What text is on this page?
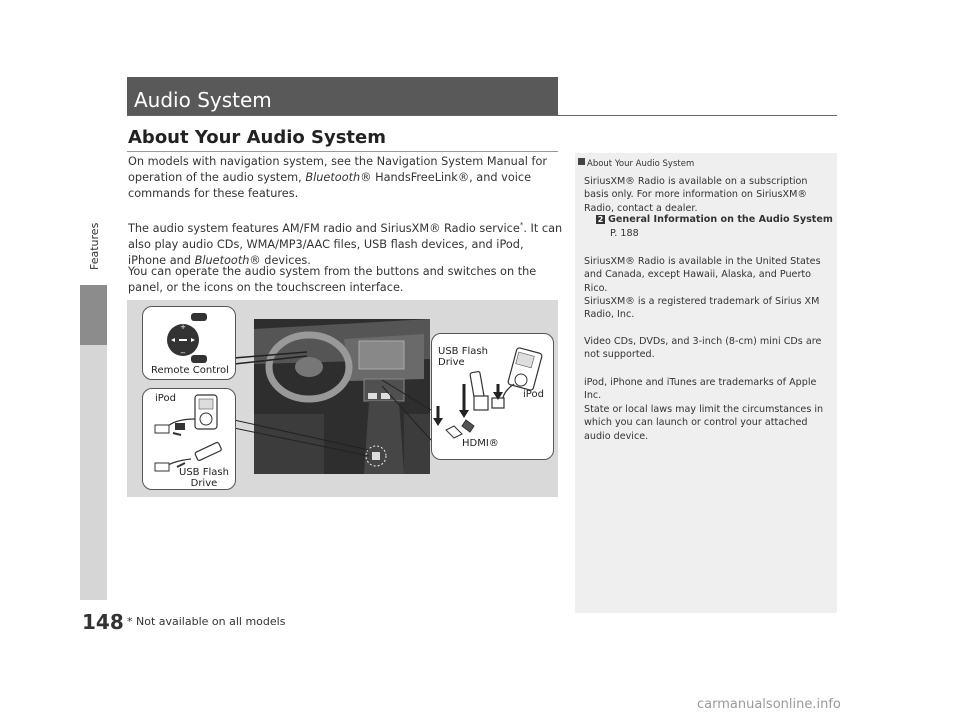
Features
148
Audio System
About Your Audio System
On models with navigation system, see the Navigation System Manual for operation of the audio system, Bluetooth® HandsFreeLink®, and voice commands for these features.
The audio system features AM/FM radio and SiriusXM® Radio service*. It can also play audio CDs, WMA/MP3/AAC files, USB flash devices, and iPod, iPhone and Bluetooth® devices.
You can operate the audio system from the buttons and switches on the panel, or the icons on the touchscreen interface.
+
−
Remote Control
iPod
USB Flash
Drive
USB Flash
Drive
iPod
HDMI®
About Your Audio System
SiriusXM® Radio is available on a subscription basis only. For more information on SiriusXM® Radio, contact a dealer.
2 General Information on the Audio System
P. 188
SiriusXM® Radio is available in the United States and Canada, except Hawaii, Alaska, and Puerto Rico.
SiriusXM® is a registered trademark of Sirius XM Radio, Inc.
Video CDs, DVDs, and 3-inch (8-cm) mini CDs are not supported.
iPod, iPhone and iTunes are trademarks of Apple Inc.
State or local laws may limit the circumstances in which you can launch or control your attached audio device.
* Not available on all models
carmanualsonline.info
